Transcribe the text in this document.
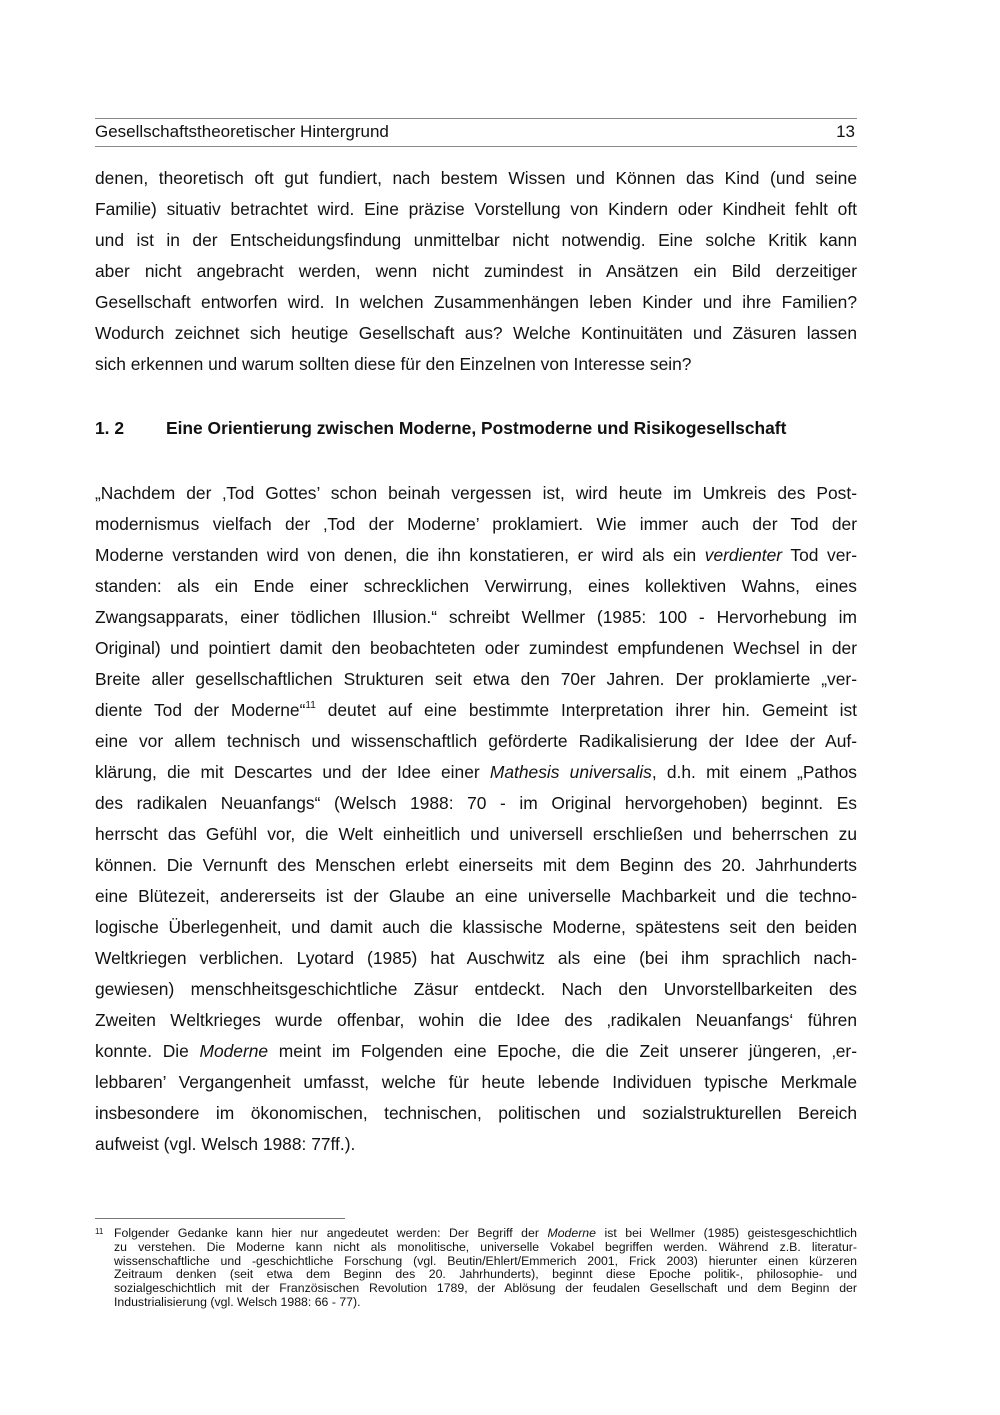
Gesellschaftstheoretischer Hintergrund	13
denen, theoretisch oft gut fundiert, nach bestem Wissen und Können das Kind (und seine
Familie) situativ betrachtet wird. Eine präzise Vorstellung von Kindern oder Kindheit fehlt oft
und ist in der Entscheidungsfindung unmittelbar nicht notwendig. Eine solche Kritik kann
aber nicht angebracht werden, wenn nicht zumindest in Ansätzen ein Bild derzeitiger
Gesellschaft entworfen wird. In welchen Zusammenhängen leben Kinder und ihre Familien?
Wodurch zeichnet sich heutige Gesellschaft aus? Welche Kontinuitäten und Zäsuren lassen
sich erkennen und warum sollten diese für den Einzelnen von Interesse sein?
1. 2 Eine Orientierung zwischen Moderne, Postmoderne und Risikogesellschaft
„Nachdem der ‚Tod Gottes’ schon beinah vergessen ist, wird heute im Umkreis des Post-
modernismus vielfach der ‚Tod der Moderne’ proklamiert. Wie immer auch der Tod der
Moderne verstanden wird von denen, die ihn konstatieren, er wird als ein verdienter Tod ver-
standen: als ein Ende einer schrecklichen Verwirrung, eines kollektiven Wahns, eines
Zwangsapparats, einer tödlichen Illusion.“ schreibt Wellmer (1985: 100 - Hervorhebung im
Original) und pointiert damit den beobachteten oder zumindest empfundenen Wechsel in der
Breite aller gesellschaftlichen Strukturen seit etwa den 70er Jahren. Der proklamierte „ver-
diente Tod der Moderne“$^{11}$ deutet auf eine bestimmte Interpretation ihrer hin. Gemeint ist
eine vor allem technisch und wissenschaftlich geförderte Radikalisierung der Idee der Auf-
klärung, die mit Descartes und der Idee einer Mathesis universalis, d.h. mit einem „Pathos
des radikalen Neuanfangs“ (Welsch 1988: 70 - im Original hervorgehoben) beginnt. Es
herrscht das Gefühl vor, die Welt einheitlich und universell erschließen und beherrschen zu
können. Die Vernunft des Menschen erlebt einerseits mit dem Beginn des 20. Jahrhunderts
eine Blütezeit, andererseits ist der Glaube an eine universelle Machbarkeit und die techno-
logische Überlegenheit, und damit auch die klassische Moderne, spätestens seit den beiden
Weltkriegen verblichen. Lyotard (1985) hat Auschwitz als eine (bei ihm sprachlich nach-
gewiesen) menschheitsgeschichtliche Zäsur entdeckt. Nach den Unvorstellbarkeiten des
Zweiten Weltkrieges wurde offenbar, wohin die Idee des ‚radikalen Neuanfangs‘ führen
konnte. Die Moderne meint im Folgenden eine Epoche, die die Zeit unserer jüngeren, ‚er-
lebbaren’ Vergangenheit umfasst, welche für heute lebende Individuen typische Merkmale
insbesondere im ökonomischen, technischen, politischen und sozialstrukturellen Bereich
aufweist (vgl. Welsch 1988: 77ff.).
11 Folgender Gedanke kann hier nur angedeutet werden: Der Begriff der Moderne ist bei Wellmer (1985) geistesgeschichtlich
zu verstehen. Die Moderne kann nicht als monolitische, universelle Vokabel begriffen werden. Während z.B. literatur-
wissenschaftliche und -geschichtliche Forschung (vgl. Beutin/Ehlert/Emmerich 2001, Frick 2003) hierunter einen kürzeren
Zeitraum denken (seit etwa dem Beginn des 20. Jahrhunderts), beginnt diese Epoche politik-, philosophie- und
sozialgeschichtlich mit der Französischen Revolution 1789, der Ablösung der feudalen Gesellschaft und dem Beginn der
Industrialisierung (vgl. Welsch 1988: 66 - 77).
